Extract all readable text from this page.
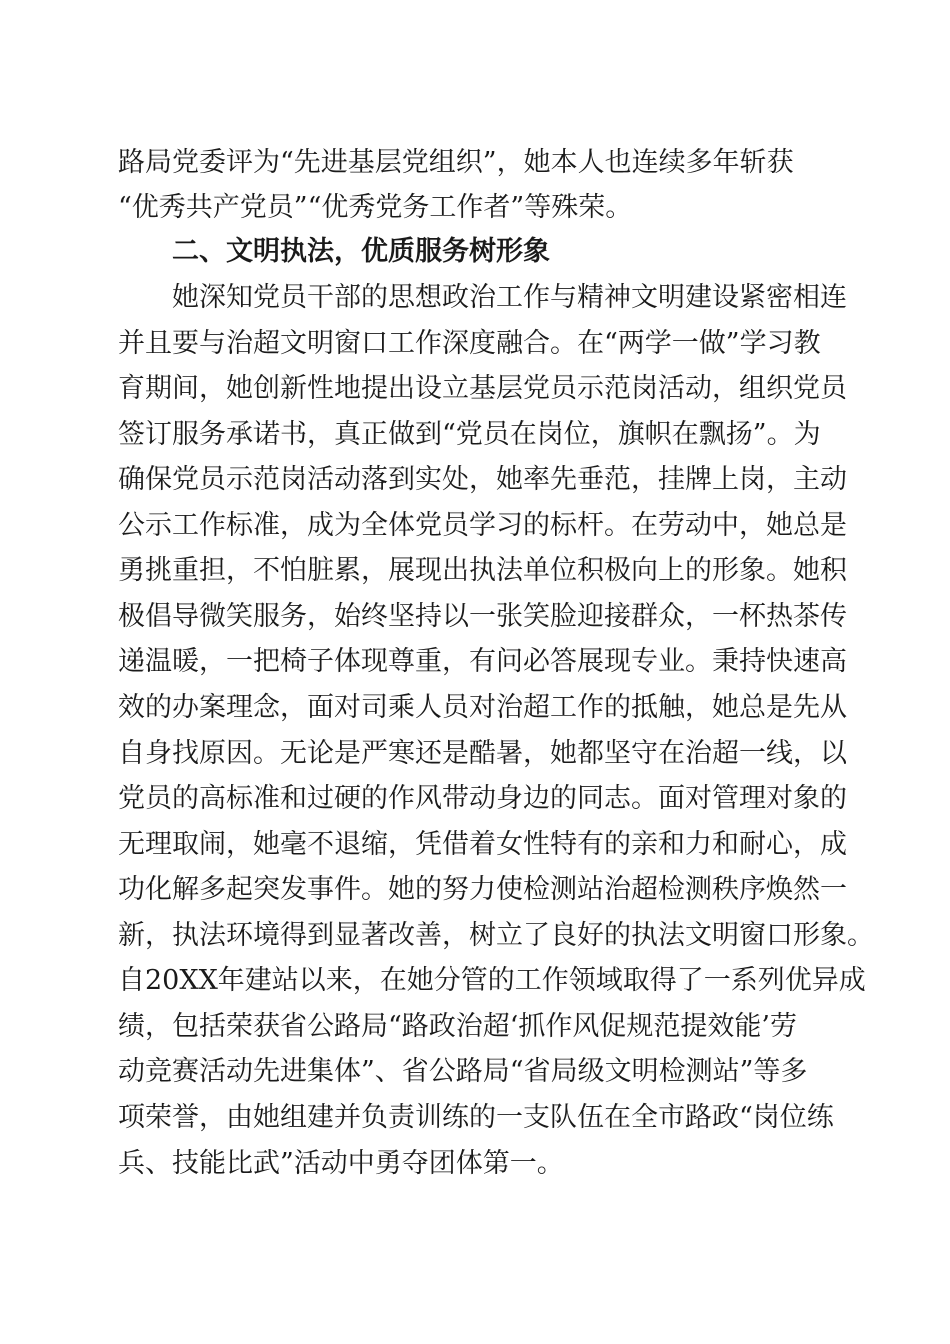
路局党委评为“先进基层党组织”，她本人也连续多年斩获
“优秀共产党员”“优秀党务工作者”等殊荣。
二、文明执法，优质服务树形象
她深知党员干部的思想政治工作与精神文明建设紧密相连
并且要与治超文明窗口工作深度融合。在“两学一做”学习教
育期间，她创新性地提出设立基层党员示范岗活动，组织党员
签订服务承诺书，真正做到“党员在岗位，旗帜在飘扬”。为
确保党员示范岗活动落到实处，她率先垂范，挂牌上岗，主动
公示工作标准，成为全体党员学习的标杆。在劳动中，她总是
勇挑重担，不怕脏累，展现出执法单位积极向上的形象。她积
极倡导微笑服务，始终坚持以一张笑脸迎接群众，一杯热茶传
递温暖，一把椅子体现尊重，有问必答展现专业。秉持快速高
效的办案理念，面对司乘人员对治超工作的抵触，她总是先从
自身找原因。无论是严寒还是酷暑，她都坚守在治超一线，以
党员的高标准和过硬的作风带动身边的同志。面对管理对象的
无理取闹，她毫不退缩，凭借着女性特有的亲和力和耐心，成
功化解多起突发事件。她的努力使检测站治超检测秩序焕然一
新，执法环境得到显著改善，树立了良好的执法文明窗口形象。
自20XX年建站以来，在她分管的工作领域取得了一系列优异成
绩，包括荣获省公路局“路政治超‘抓作风促规范提效能’劳
动竞赛活动先进集体”、省公路局“省局级文明检测站”等多
项荣誉，由她组建并负责训练的一支队伍在全市路政“岗位练
兵、技能比武”活动中勇夺团体第一。
